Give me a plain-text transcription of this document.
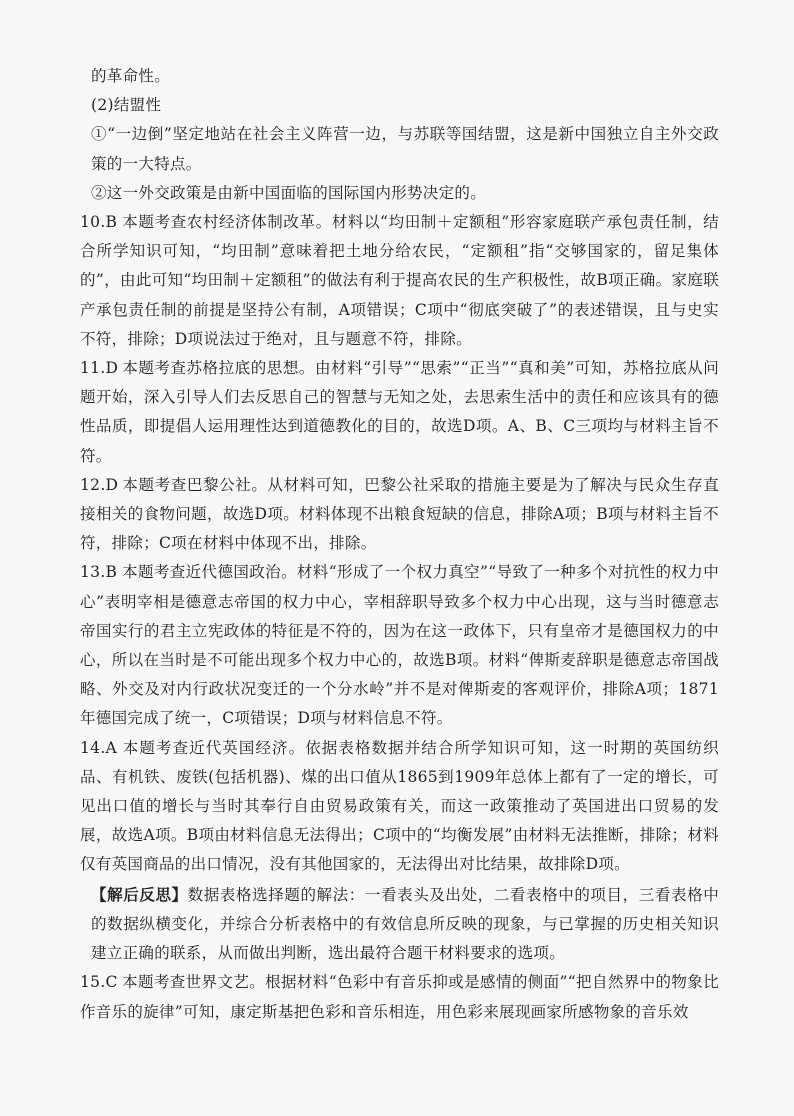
的革命性。

(2)结盟性

①“一边倒”坚定地站在社会主义阵营一边，与苏联等国结盟，这是新中国独立自主外交政策的一大特点。

②这一外交政策是由新中国面临的国际国内形势决定的。

10.B 本题考查农村经济体制改革。材料以“均田制＋定额租”形容家庭联产承包责任制，结合所学知识可知，“均田制”意味着把土地分给农民，“定额租”指“交够国家的，留足集体的”，由此可知“均田制＋定额租”的做法有利于提高农民的生产积极性，故B项正确。家庭联产承包责任制的前提是坚持公有制，A项错误；C项中“彻底突破了”的表述错误，且与史实不符，排除；D项说法过于绝对，且与题意不符，排除。

11.D 本题考查苏格拉底的思想。由材料“引导”“思索”“正当”“真和美”可知，苏格拉底从问题开始，深入引导人们去反思自己的智慧与无知之处，去思索生活中的责任和应该具有的德性品质，即提倡人运用理性达到道德教化的目的，故选D项。A、B、C三项均与材料主旨不符。

12.D 本题考查巴黎公社。从材料可知，巴黎公社采取的措施主要是为了解决与民众生存直接相关的食物问题，故选D项。材料体现不出粮食短缺的信息，排除A项；B项与材料主旨不符，排除；C项在材料中体现不出，排除。

13.B 本题考查近代德国政治。材料“形成了一个权力真空”“导致了一种多个对抗性的权力中心”表明宰相是德意志帝国的权力中心，宰相辞职导致多个权力中心出现，这与当时德意志帝国实行的君主立宪政体的特征是不符的，因为在这一政体下，只有皇帝才是德国权力的中心，所以在当时是不可能出现多个权力中心的，故选B项。材料“俾斯麦辞职是德意志帝国战略、外交及对内行政状况变迁的一个分水岭”并不是对俾斯麦的客观评价，排除A项；1871年德国完成了统一，C项错误；D项与材料信息不符。

14.A 本题考查近代英国经济。依据表格数据并结合所学知识可知，这一时期的英国纺织品、有机铁、废铁(包括机器)、煤的出口值从1865到1909年总体上都有了一定的增长，可见出口值的增长与当时其奉行自由贸易政策有关，而这一政策推动了英国进出口贸易的发展，故选A项。B项由材料信息无法得出；C项中的“均衡发展”由材料无法推断，排除；材料仅有英国商品的出口情况，没有其他国家的，无法得出对比结果，故排除D项。

【解后反思】数据表格选择题的解法：一看表头及出处，二看表格中的项目，三看表格中的数据纵横变化，并综合分析表格中的有效信息所反映的现象，与已掌握的历史相关知识建立正确的联系，从而做出判断，选出最符合题干材料要求的选项。

15.C 本题考查世界文艺。根据材料“色彩中有音乐抑或是感情的侧面”“把自然界中的物象比作音乐的旋律”可知，康定斯基把色彩和音乐相连，用色彩来展现画家所感物象的音乐效
